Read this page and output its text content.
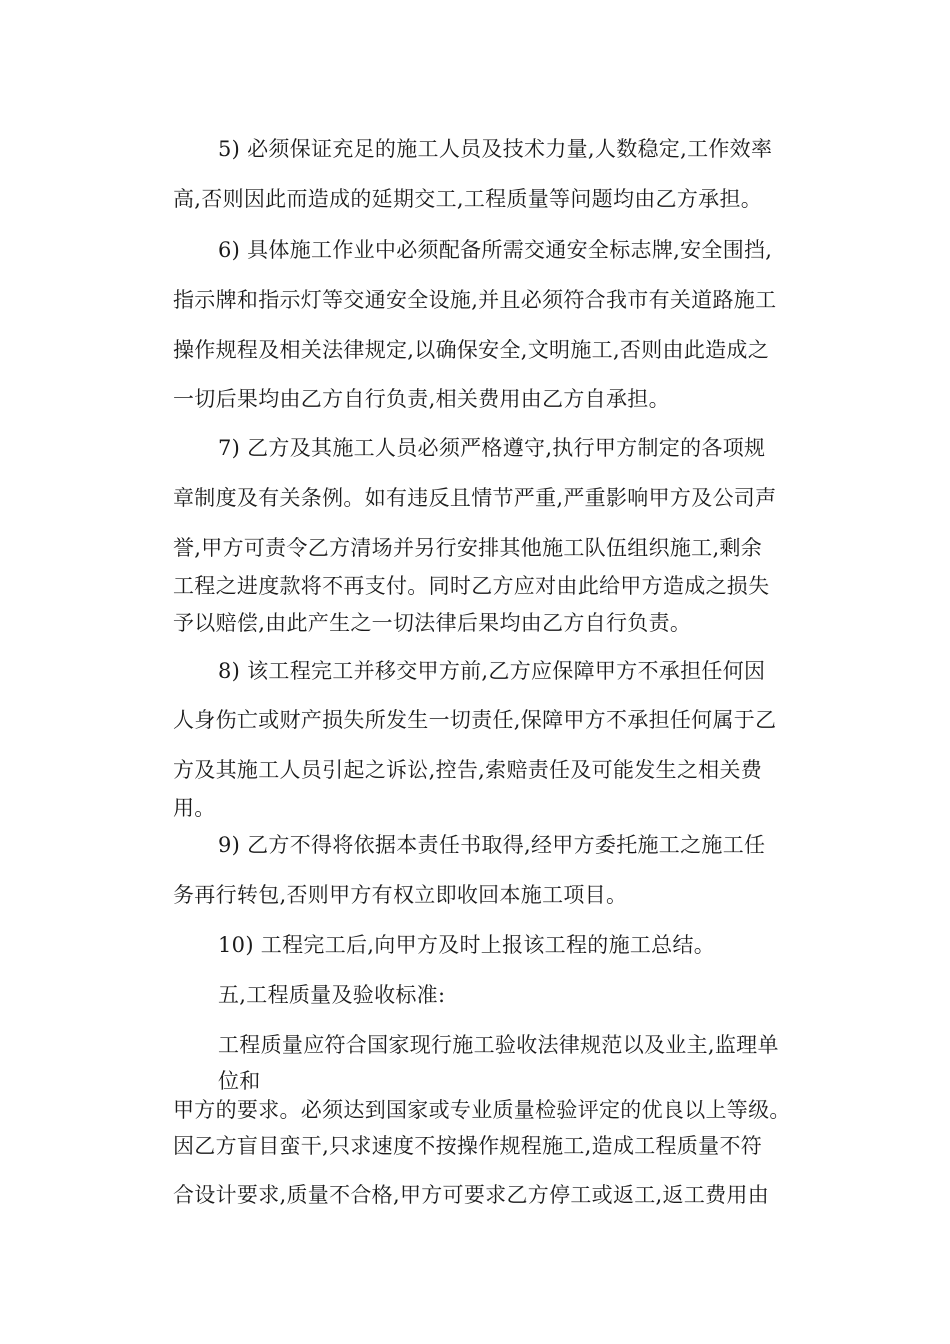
5) 必须保证充足的施工人员及技术力量,人数稳定,工作效率

高,否则因此而造成的延期交工,工程质量等问题均由乙方承担。

6) 具体施工作业中必须配备所需交通安全标志牌,安全围挡,

指示牌和指示灯等交通安全设施,并且必须符合我市有关道路施工

操作规程及相关法律规定,以确保安全,文明施工,否则由此造成之

一切后果均由乙方自行负责,相关费用由乙方自承担。

7) 乙方及其施工人员必须严格遵守,执行甲方制定的各项规

章制度及有关条例。如有违反且情节严重,严重影响甲方及公司声

誉,甲方可责令乙方清场并另行安排其他施工队伍组织施工,剩余

工程之进度款将不再支付。同时乙方应对由此给甲方造成之损失

予以赔偿,由此产生之一切法律后果均由乙方自行负责。

8) 该工程完工并移交甲方前,乙方应保障甲方不承担任何因

人身伤亡或财产损失所发生一切责任,保障甲方不承担任何属于乙

方及其施工人员引起之诉讼,控告,索赔责任及可能发生之相关费

用。

9) 乙方不得将依据本责任书取得,经甲方委托施工之施工任

务再行转包,否则甲方有权立即收回本施工项目。

10) 工程完工后,向甲方及时上报该工程的施工总结。

五,工程质量及验收标准:

工程质量应符合国家现行施工验收法律规范以及业主,监理单

位和

甲方的要求。必须达到国家或专业质量检验评定的优良以上等级。

因乙方盲目蛮干,只求速度不按操作规程施工,造成工程质量不符

合设计要求,质量不合格,甲方可要求乙方停工或返工,返工费用由
